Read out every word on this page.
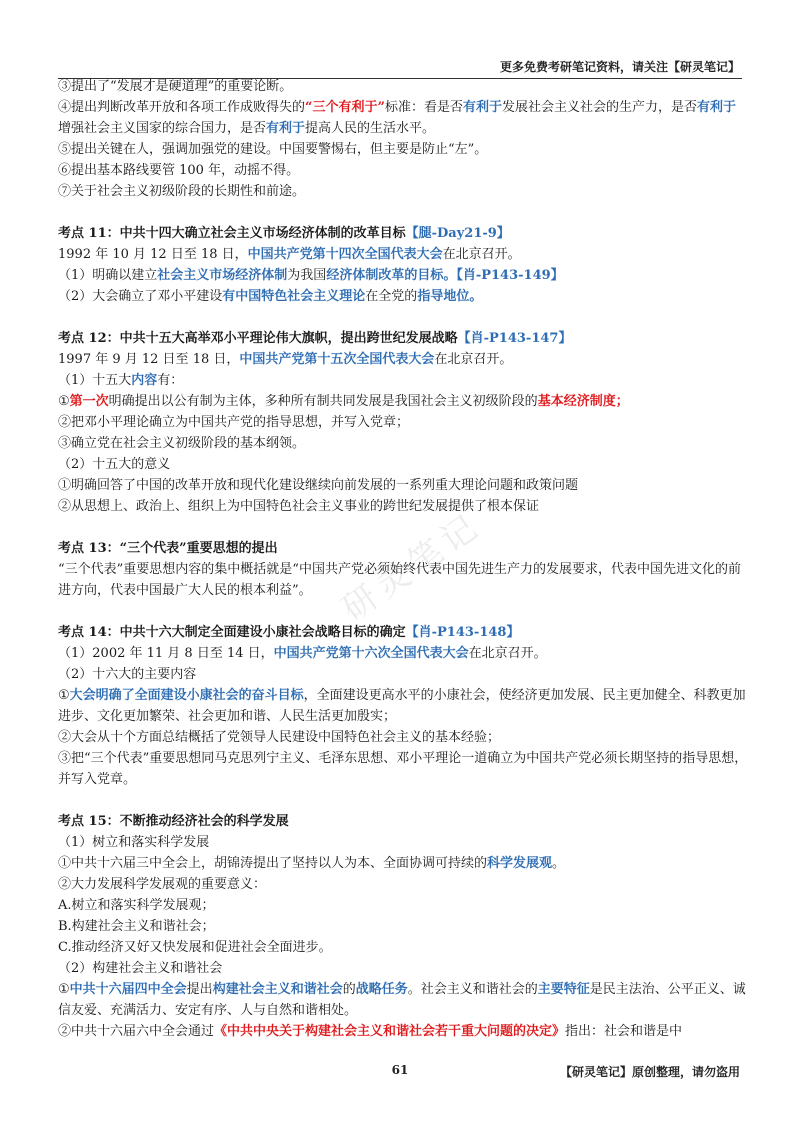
更多免费考研笔记资料，请关注【研灵笔记】
研灵笔记
③提出了“发展才是硬道理”的重要论断。
④提出判断改革开放和各项工作成败得失的“三个有利于”标准：看是否有利于发展社会主义社会的生产力，是否有利于增强社会主义国家的综合国力，是否有利于提高人民的生活水平。
⑤提出关键在人，强调加强党的建设。中国要警惕右，但主要是防止“左”。
⑥提出基本路线要管 100 年，动摇不得。
⑦关于社会主义初级阶段的长期性和前途。
考点 11：中共十四大确立社会主义市场经济体制的改革目标【腿-Day21-9】
1992 年 10 月 12 日至 18 日，中国共产党第十四次全国代表大会在北京召开。
（1）明确以建立社会主义市场经济体制为我国经济体制改革的目标。【肖-P143-149】
（2）大会确立了邓小平建设有中国特色社会主义理论在全党的指导地位。
考点 12：中共十五大高举邓小平理论伟大旗帜，提出跨世纪发展战略【肖-P143-147】
1997 年 9 月 12 日至 18 日，中国共产党第十五次全国代表大会在北京召开。
（1）十五大内容有：
①第一次明确提出以公有制为主体，多种所有制共同发展是我国社会主义初级阶段的基本经济制度；
②把邓小平理论确立为中国共产党的指导思想，并写入党章；
③确立党在社会主义初级阶段的基本纲领。
（2）十五大的意义
①明确回答了中国的改革开放和现代化建设继续向前发展的一系列重大理论问题和政策问题
②从思想上、政治上、组织上为中国特色社会主义事业的跨世纪发展提供了根本保证
考点 13：“三个代表”重要思想的提出
“三个代表”重要思想内容的集中概括就是“中国共产党必须始终代表中国先进生产力的发展要求，代表中国先进文化的前进方向，代表中国最广大人民的根本利益”。
考点 14：中共十六大制定全面建设小康社会战略目标的确定【肖-P143-148】
（1）2002 年 11 月 8 日至 14 日，中国共产党第十六次全国代表大会在北京召开。
（2）十六大的主要内容
①大会明确了全面建设小康社会的奋斗目标，全面建设更高水平的小康社会，使经济更加发展、民主更加健全、科教更加进步、文化更加繁荣、社会更加和谐、人民生活更加殷实；
②大会从十个方面总结概括了党领导人民建设中国特色社会主义的基本经验；
③把“三个代表”重要思想同马克思列宁主义、毛泽东思想、邓小平理论一道确立为中国共产党必须长期坚持的指导思想，并写入党章。
考点 15：不断推动经济社会的科学发展
（1）树立和落实科学发展
①中共十六届三中全会上，胡锦涛提出了坚持以人为本、全面协调可持续的科学发展观。
②大力发展科学发展观的重要意义：
A.树立和落实科学发展观；
B.构建社会主义和谐社会；
C.推动经济又好又快发展和促进社会全面进步。
（2）构建社会主义和谐社会
①中共十六届四中全会提出构建社会主义和谐社会的战略任务。社会主义和谐社会的主要特征是民主法治、公平正义、诚信友爱、充满活力、安定有序、人与自然和谐相处。
②中共十六届六中全会通过《中共中央关于构建社会主义和谐社会若干重大问题的决定》指出：社会和谐是中
61	【研灵笔记】原创整理，请勿盗用
